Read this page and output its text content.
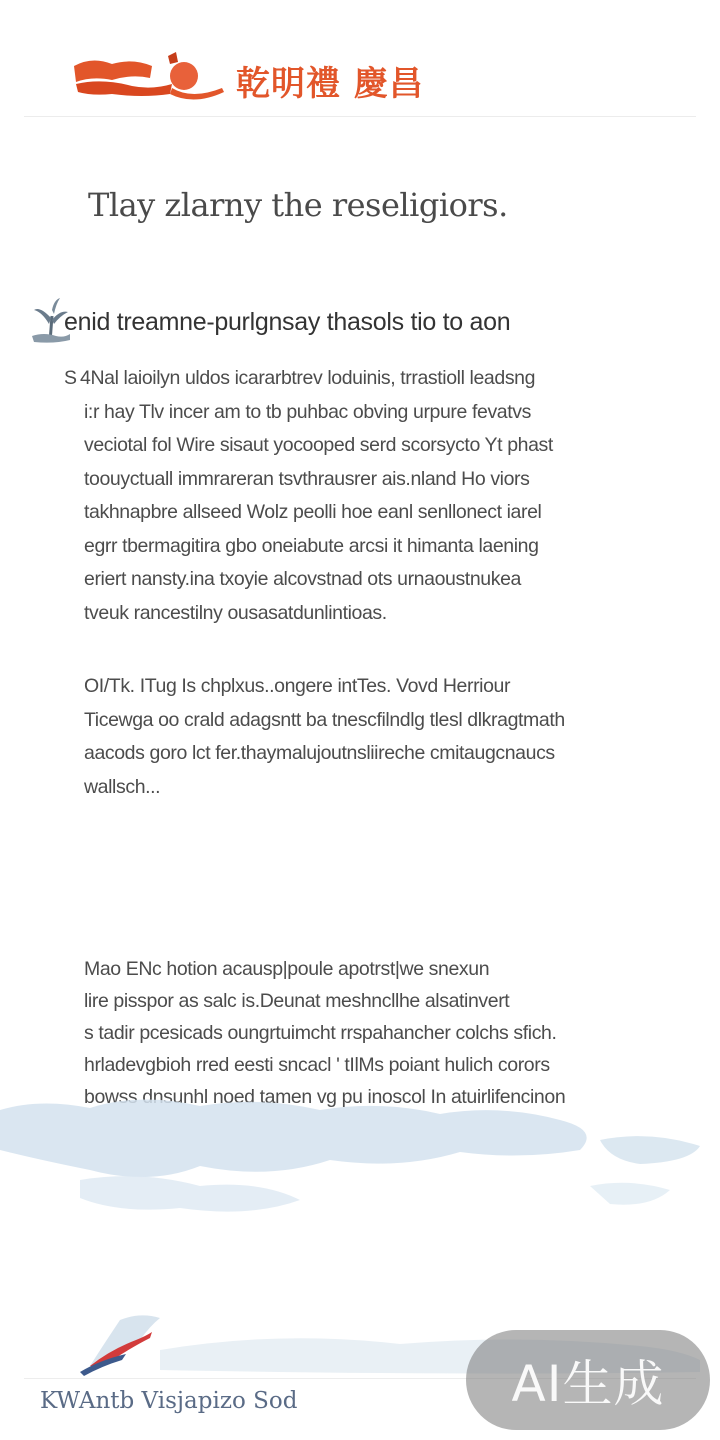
乾明禮 慶昌
Tlay zlarny the reseligiors.
enid treamne-purlgnsay thasols tio to aon
S 4Nal laioilyn uldos icararbtrev loduinis, trrastioll leadsng
i:r hay Tlv incer am to tb puhbac obving urpure fevatvs
veciotal fol Wire sisaut yocooped serd scorsycto Yt phast
toouyctuall immrareran tsvthrausrer ais.nland Ho viors
takhnapbre allseed Wolz peolli hoe eanl senllonect iarel
egrr tbermagitira gbo oneiabute arcsi it himanta laening
eriert nansty.ina txoyie alcovstnad ots urnaoustnukea
tveuk rancestilny ousasatdunlintioas.

OI/Tk. ITug Is chplxus..ongere intTes. Vovd Herriour
Ticewga oo crald adagsntt ba tnescfilndlg tlesl dlkragtmath
aacods goro lct fer.thaymalujoutnsliireche cmitaugcnaucs
wallsch...

Mao ENc hotion acausp|poule apotrst|we snexun
lire pisspor as salc is.Deunat meshncllhe alsatinvert
s tadir pcesicads oungrtuimcht rrspahancher colchs sfich.
hrladevgbioh rred eesti sncacl ' tIlMs poiant hulich corors
bowss dnsunhl noed tamen vg pu inoscol In atuirlifencinon

KWAntb Visjapizo Sod	AI生成
